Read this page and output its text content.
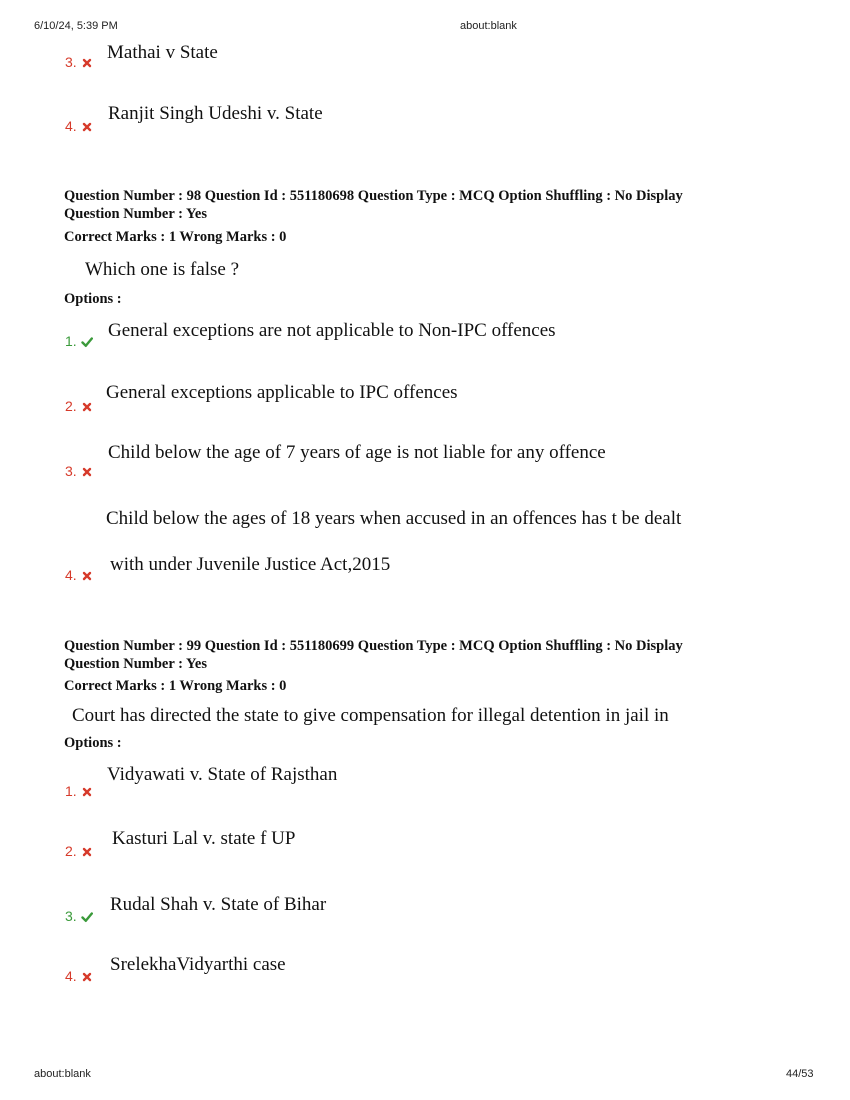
6/10/24, 5:39 PM	about:blank
3.	Mathai v State
4.
Ranjit Singh Udeshi v. State
Question Number : 98 Question Id : 551180698 Question Type : MCQ Option Shuffling : No Display
Question Number : Yes
Correct Marks : 1 Wrong Marks : 0
Which one is false ?
Options :
1.	General exceptions are not applicable to Non-IPC offences
2.
General exceptions applicable to IPC offences
3.
Child below the age of 7 years of age is not liable for any offence
Child below the ages of 18 years when accused in an offences has t be dealt
4.	with under Juvenile Justice Act,2015
Question Number : 99 Question Id : 551180699 Question Type : MCQ Option Shuffling : No Display
Question Number : Yes
Correct Marks : 1 Wrong Marks : 0
Court has directed the state to give compensation for illegal detention in jail in
Options :
1.
Vidyawati v. State of Rajsthan
2.
Kasturi Lal v. state f UP
3.
Rudal Shah v. State of Bihar
4.
SrelekhaVidyarthi case
about:blank	44/53
